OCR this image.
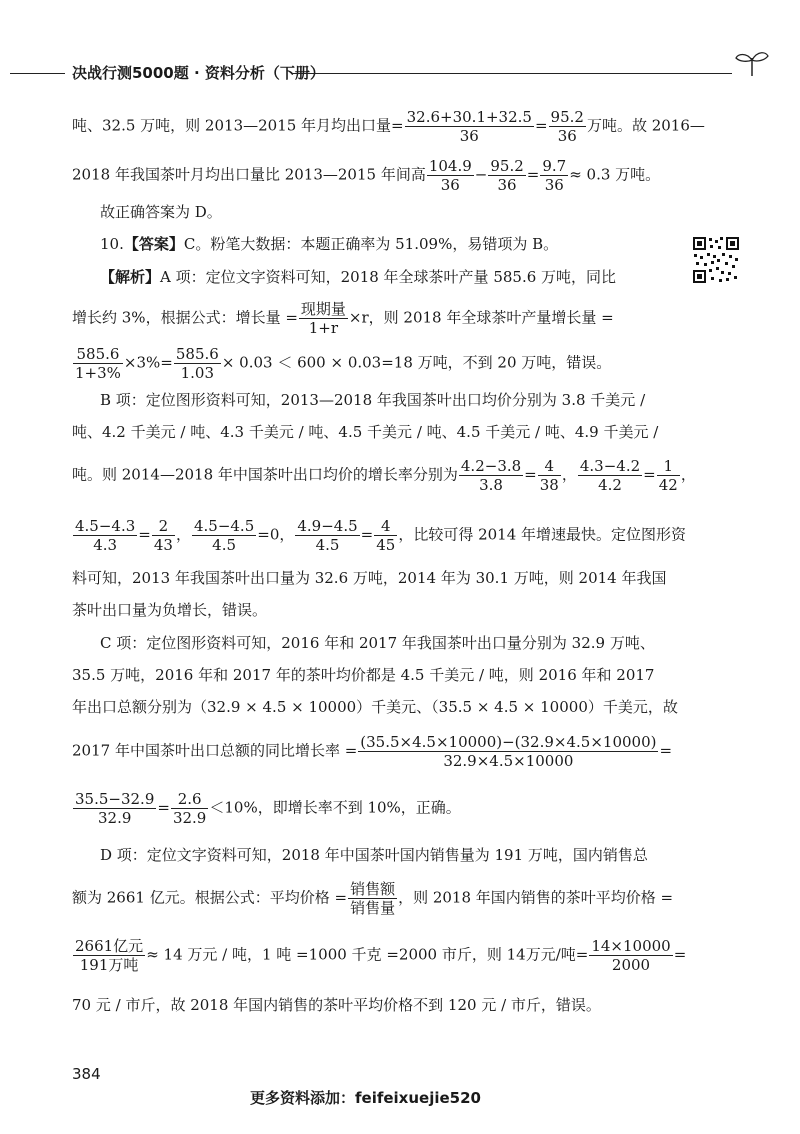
决战行测5000题 · 资料分析（下册）
吨、32.5 万吨，则 2013—2015 年月均出口量= $\frac{32.6+30.1+32.5}{36} = \frac{95.2}{36}$ 万吨。故 2016—
2018 年我国茶叶月均出口量比 2013—2015 年间高 $\frac{104.9}{36} - \frac{95.2}{36} = \frac{9.7}{36} \approx 0.3$ 万吨。
故正确答案为 D。
10.【答案】C。粉笔大数据：本题正确率为 51.09%，易错项为 B。
【解析】A 项：定位文字资料可知，2018 年全球茶叶产量 585.6 万吨，同比
增长约 3%，根据公式：增长量 = $\frac{\text{现期量}}{1+r} \times r$，则 2018 年全球茶叶产量增长量 =
$\frac{585.6}{1+3\%} \times 3\%= \frac{585.6}{1.03} \times 0.03 < 600 \times 0.03=18$ 万吨，不到 20 万吨，错误。
B 项：定位图形资料可知，2013—2018 年我国茶叶出口均价分别为 3.8 千美元 /
吨、4.2 千美元 / 吨、4.3 千美元 / 吨、4.5 千美元 / 吨、4.5 千美元 / 吨、4.9 千美元 /
吨。则 2014—2018 年中国茶叶出口均价的增长率分别为 $\frac{4.2-3.8}{3.8} = \frac{4}{38}$ ， $\frac{4.3-4.2}{4.2} = \frac{1}{42}$ ，
$\frac{4.5-4.3}{4.3} = \frac{2}{43}$ ， $\frac{4.5-4.5}{4.5} =0$， $\frac{4.9-4.5}{4.5} = \frac{4}{45}$ ，比较可得 2014 年增速最快。定位图形资
料可知，2013 年我国茶叶出口量为 32.6 万吨，2014 年为 30.1 万吨，则 2014 年我国
茶叶出口量为负增长，错误。
C 项：定位图形资料可知，2016 年和 2017 年我国茶叶出口量分别为 32.9 万吨、
35.5 万吨，2016 年和 2017 年的茶叶均价都是 4.5 千美元 / 吨，则 2016 年和 2017
年出口总额分别为（32.9 × 4.5 × 10000）千美元、（35.5 × 4.5 × 10000）千美元，故
2017 年中国茶叶出口总额的同比增长率 = $\frac{(35.5\times 4.5\times 10000)-(32.9\times 4.5\times 10000)}{32.9\times 4.5\times 10000}$ =
$\frac{35.5-32.9}{32.9} = \frac{2.6}{32.9} <10\%$，即增长率不到 10%，正确。
D 项：定位文字资料可知，2018 年中国茶叶国内销售量为 191 万吨，国内销售总
额为 2661 亿元。根据公式：平均价格 = $\frac{\text{销售额}}{\text{销售量}}$ ，则 2018 年国内销售的茶叶平均价格 =
$\frac{\text{2661亿元}}{\text{191万吨}} \approx 14$ 万元 / 吨，1 吨 =1000 千克 =2000 市斤，则 14万元/吨= $\frac{14\times 10000}{2000}$ =
70 元 / 市斤，故 2018 年国内销售的茶叶平均价格不到 120 元 / 市斤，错误。
384
更多资料添加：feifeixuejie520
